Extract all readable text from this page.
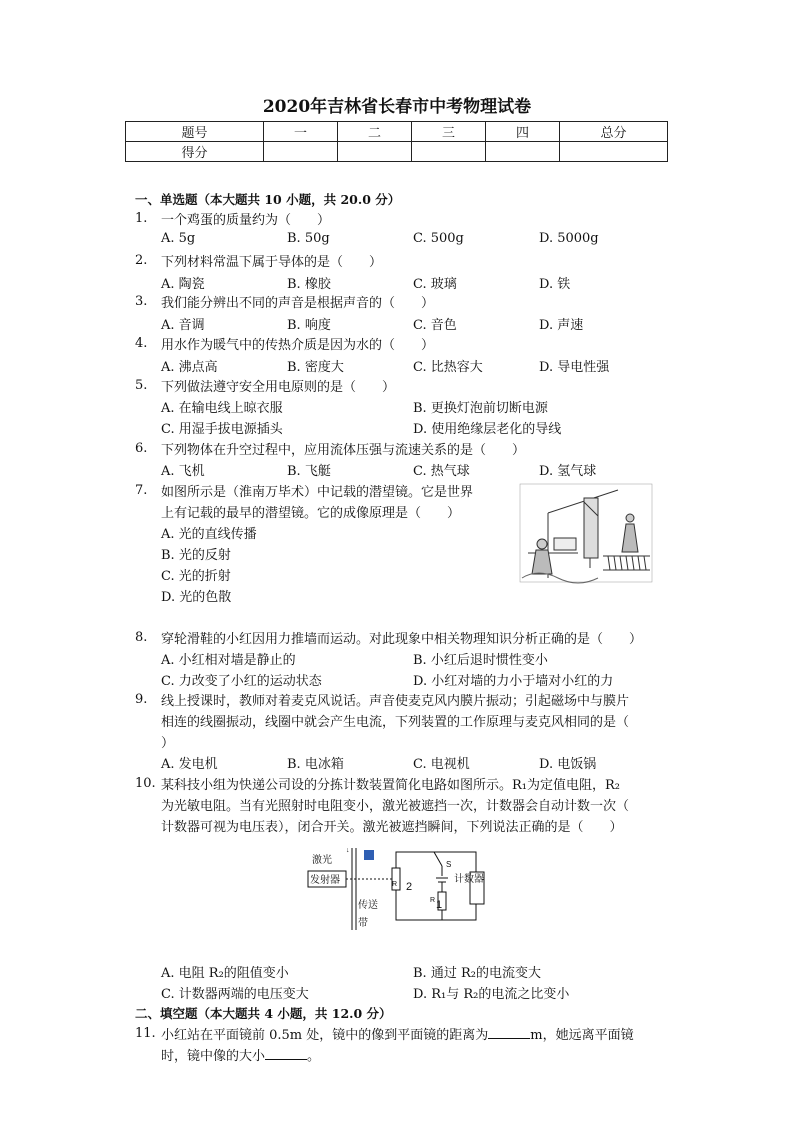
2020年吉林省长春市中考物理试卷
题号	一	二	三	四	总分
得分					
一、单选题（本大题共 10 小题，共 20.0 分）
1.	一个鸡蛋的质量约为（　　）
A. 5g	B. 50g	C. 500g	D. 5000g
2.	下列材料常温下属于导体的是（　　）
A. 陶瓷	B. 橡胶	C. 玻璃	D. 铁
3.	我们能分辨出不同的声音是根据声音的（　　）
A. 音调	B. 响度	C. 音色	D. 声速
4.	用水作为暖气中的传热介质是因为水的（　　）
A. 沸点高	B. 密度大	C. 比热容大	D. 导电性强
5.	下列做法遵守安全用电原则的是（　　）
A. 在输电线上晾衣服	B. 更换灯泡前切断电源
C. 用湿手拔电源插头	D. 使用绝缘层老化的导线
6.	下列物体在升空过程中，应用流体压强与流速关系的是（　　）
A. 飞机	B. 飞艇	C. 热气球	D. 氢气球
7.	如图所示是（淮南万毕术）中记载的潜望镜。它是世界
上有记载的最早的潜望镜。它的成像原理是（　　）
A. 光的直线传播
B. 光的反射
C. 光的折射
D. 光的色散
8.	穿轮滑鞋的小红因用力推墙而运动。对此现象中相关物理知识分析正确的是（　　）
A. 小红相对墙是静止的	B. 小红后退时惯性变小
C. 力改变了小红的运动状态	D. 小红对墙的力小于墙对小红的力
9.	线上授课时，教师对着麦克风说话。声音使麦克风内膜片振动；引起磁场中与膜片
相连的线圈振动，线圈中就会产生电流，下列装置的工作原理与麦克风相同的是（
）
A. 发电机	B. 电冰箱	C. 电视机	D. 电饭锅
10. 某科技小组为快递公司设的分拣计数装置简化电路如图所示。R₁为定值电阻，R₂
为光敏电阻。当有光照射时电阻变小，激光被遮挡一次，计数器会自动计数一次（
计数器可视为电压表），闭合开关。激光被遮挡瞬间，下列说法正确的是（　　）
激光
发射器
↓
传送
带
R 2
计数器
S
R 1
A. 电阻 R₂的阻值变小	B. 通过 R₂的电流变大
C. 计数器两端的电压变大	D. R₁与 R₂的电流之比变小
二、填空题（本大题共 4 小题，共 12.0 分）
11. 小红站在平面镜前 0.5m 处，镜中的像到平面镜的距离为	m，她远离平面镜
时，镜中像的大小	。
